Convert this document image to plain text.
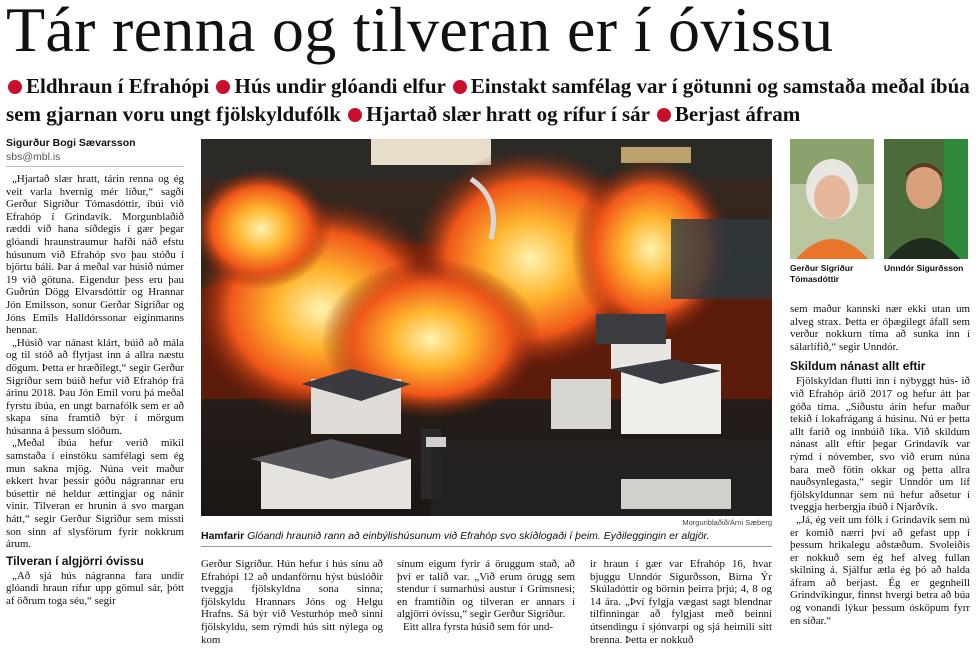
Tár renna og tilveran er í óvissu
Eldhraun í Efrahópi Hús undir glóandi elfur Einstakt samfélag var í götunni og samstaða meðal íbúa sem gjarnan voru ungt fjölskyldufólk Hjartað slær hratt og rífur í sár Berjast áfram
Sigurður Bogi Sævarsson
sbs@mbl.is

„Hjartað slær hratt, tárin renna og ég veit varla hvernig mér líður,“ sagði Gerður Sigríður Tómasdóttir, íbúi við Efrahóp í Grindavík. Morgunblaðið ræddi við hana síðdegis í gær þegar glóandi hraunstraumur hafði náð efstu húsunum við Efrahóp svo þau stóðu í björtu báli. Þar á meðal var húsið númer 19 við götuna. Eigendur þess eru þau Guðrún Dögg Elvarsdóttir og Hrannar Jón Emilsson, sonur Gerðar Sigríðar og Jóns Emils Halldórssonar eiginmanns hennar.

„Húsið var nánast klárt, búið að mála og til stóð að flytjast inn á allra næstu dögum. Þetta er hræðilegt,“ segir Gerður Sigríður sem búið hefur við Efrahóp frá árinu 2018. Þau Jón Emil voru þá meðal fyrstu íbúa, en ungt barnafólk sem er að skapa sína framtíð býr í mörgum húsanna á þessum slóðum.

„Meðal íbúa hefur verið mikil samstaða í einstöku samfélagi sem ég mun sakna mjög. Núna veit maður ekkert hvar þessir góðu nágrannar eru búsettir né heldur ættingjar og nánir vinir. Tilveran er hrunin á svo margan hátt,“ segir Gerður Sigríður sem missti son sinn af slysförum fyrir nokkrum árum.

Tilveran í algjörri óvissu

„Að sjá hús nágranna fara undir glóandi hraun rífur upp gömul sár, þótt af öðrum toga séu,“ segir

Morgunblaðið/Árni Sæberg
Hamfarir Glóandi hraunið rann að einbýlishúsunum við Efrahóp svo skíðlogaði í þeim. Eyðileggingin er algjör.

Gerður Sigríður. Hún hefur í hús sínu að Efrahópi 12 að undanförnu hýst búslóðir tveggja fjölskyldna sona sinna; fjölskyldu Hrannars Jóns og Helgu Hrafns. Sá býr við Vesturhóp með sinni fjölskyldu, sem rýmdi hús sitt nýlega og kom

sínum eigum fyrir á öruggum stað, að því er talið var. „Við erum örugg sem stendur í sumarhúsi austur í Grímsnesi; en framtíðin og tilveran er annars í algjörri óvissu,“ segir Gerður Sigríður.

Eitt allra fyrsta húsið sem fór und-

ir hraun í gær var Efrahóp 16, hvar bjuggu Unndór Sigurðsson, Birna Ýr Skúladóttir og börnin þeirra þrjú; 4, 8 og 14 ára. „Því fylgja vægast sagt blendnar tilfinningar að fylgjast með beinni útsendingu í sjónvarpi og sjá heimili sitt brenna. Þetta er nokkuð

Gerður Sigríður Tómasdóttir
Unndór Sigurðsson

sem maður kannski nær ekki utan um alveg strax. Þetta er óþægilegt áfall sem verður nokkurn tíma að sunka inn í sálarlífið,“ segir Unndór.

Skildum nánast allt eftir

Fjölskyldan flutti inn í nýbyggt hús- ið við Efrahóp árið 2017 og hefur átt þar góða tíma. „Síðustu árin hefur maður tekið í lokafrágang á húsinu. Nú er þetta allt farið og innbúið líka. Við skildum nánast allt eftir þegar Grindavík var rýmd í nóvember, svo við erum núna bara með fötin okkar og þetta allra nauðsynlegasta,“ segir Unndór um líf fjölskyldunnar sem nú hefur aðsetur í tveggja herbergja íbúð í Njarðvík.

„Já, ég veit um fólk í Grindavík sem nú er komið nærri því að gefast upp í þessum hrikalegu aðstæðum. Svoleiðis er nokkuð sem ég hef alveg fullan skilning á. Sjálfur ætla ég þó að halda áfram að berjast. Ég er gegnheill Grindvíkingur, finnst hvergi betra að búa og vonandi lýkur þessum ósköpum fyrr en síðar.“
